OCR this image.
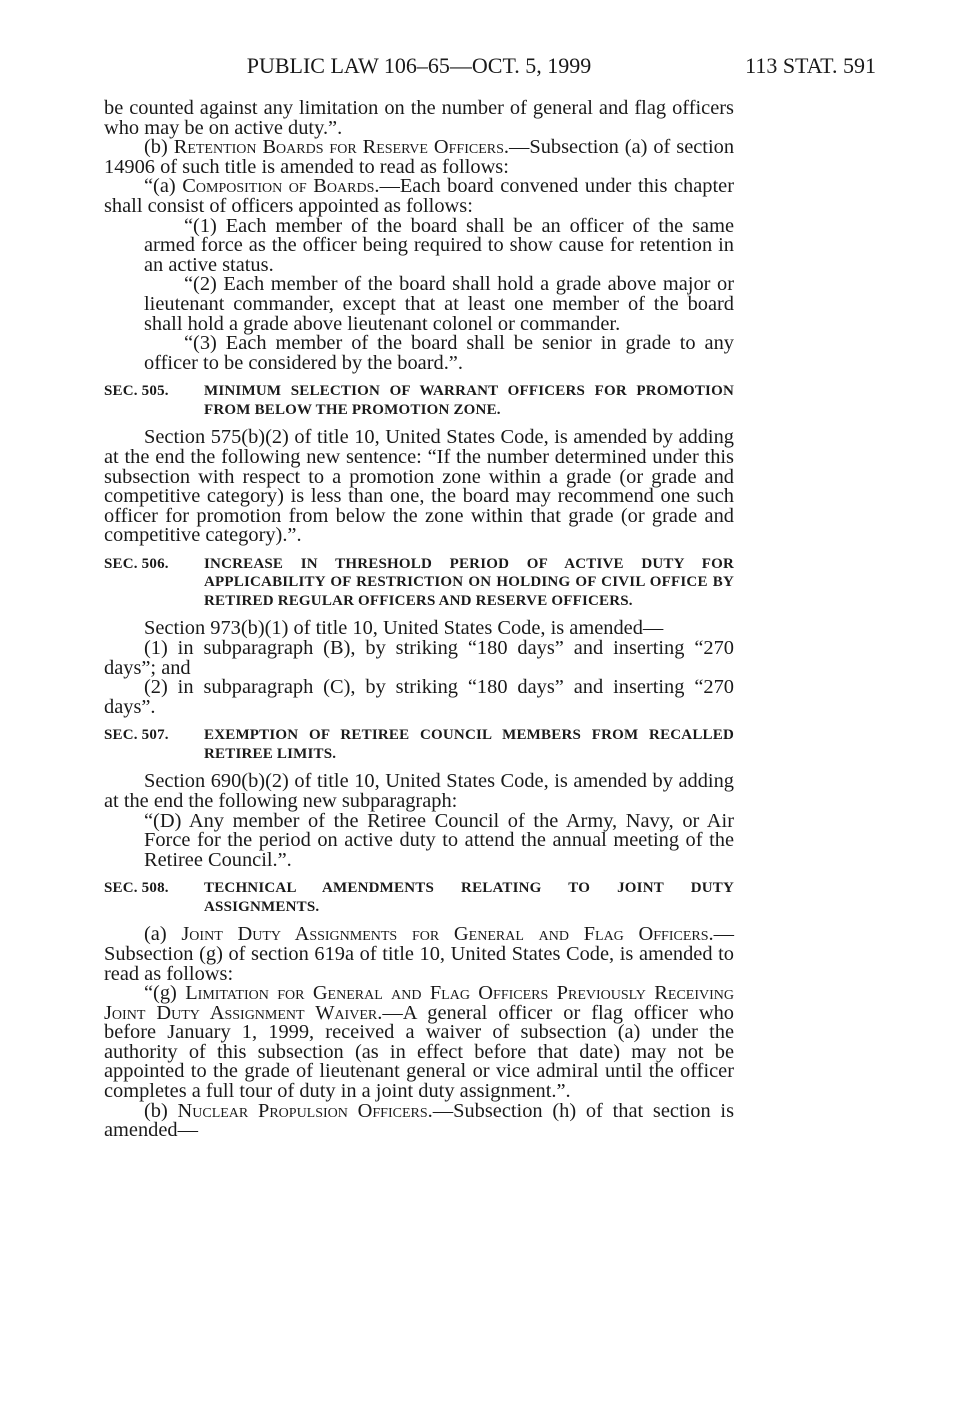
PUBLIC LAW 106–65—OCT. 5, 1999	113 STAT. 591

be counted against any limitation on the number of general and flag officers who may be on active duty.”.

(b) Retention Boards for Reserve Officers.—Subsection (a) of section 14906 of such title is amended to read as follows:

“(a) Composition of Boards.—Each board convened under this chapter shall consist of officers appointed as follows:

“(1) Each member of the board shall be an officer of the same armed force as the officer being required to show cause for retention in an active status.

“(2) Each member of the board shall hold a grade above major or lieutenant commander, except that at least one member of the board shall hold a grade above lieutenant colonel or commander.

“(3) Each member of the board shall be senior in grade to any officer to be considered by the board.”.

SEC. 505. MINIMUM SELECTION OF WARRANT OFFICERS FOR PROMOTION FROM BELOW THE PROMOTION ZONE.

Section 575(b)(2) of title 10, United States Code, is amended by adding at the end the following new sentence: “If the number determined under this subsection with respect to a promotion zone within a grade (or grade and competitive category) is less than one, the board may recommend one such officer for promotion from below the zone within that grade (or grade and competitive category).”.

SEC. 506. INCREASE IN THRESHOLD PERIOD OF ACTIVE DUTY FOR APPLICABILITY OF RESTRICTION ON HOLDING OF CIVIL OFFICE BY RETIRED REGULAR OFFICERS AND RESERVE OFFICERS.

Section 973(b)(1) of title 10, United States Code, is amended—

(1) in subparagraph (B), by striking “180 days” and inserting “270 days”; and

(2) in subparagraph (C), by striking “180 days” and inserting “270 days”.

SEC. 507. EXEMPTION OF RETIREE COUNCIL MEMBERS FROM RECALLED RETIREE LIMITS.

Section 690(b)(2) of title 10, United States Code, is amended by adding at the end the following new subparagraph:

“(D) Any member of the Retiree Council of the Army, Navy, or Air Force for the period on active duty to attend the annual meeting of the Retiree Council.”.

SEC. 508. TECHNICAL AMENDMENTS RELATING TO JOINT DUTY ASSIGNMENTS.

(a) Joint Duty Assignments for General and Flag Officers.—Subsection (g) of section 619a of title 10, United States Code, is amended to read as follows:

“(g) Limitation for General and Flag Officers Previously Receiving Joint Duty Assignment Waiver.—A general officer or flag officer who before January 1, 1999, received a waiver of subsection (a) under the authority of this subsection (as in effect before that date) may not be appointed to the grade of lieutenant general or vice admiral until the officer completes a full tour of duty in a joint duty assignment.”.

(b) Nuclear Propulsion Officers.—Subsection (h) of that section is amended—
